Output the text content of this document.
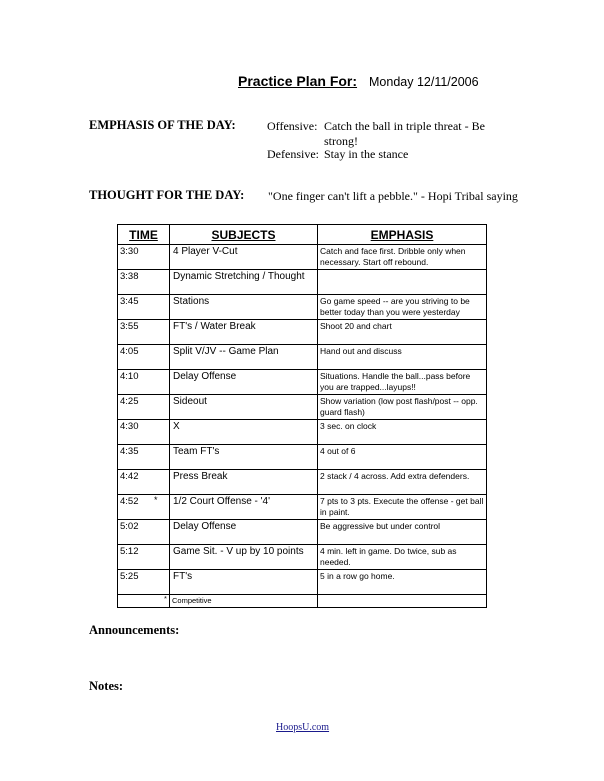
Practice Plan For: Monday 12/11/2006
EMPHASIS OF THE DAY:	Offensive: Catch the ball in triple threat - Be strong!
Defensive: Stay in the stance
THOUGHT FOR THE DAY: "One finger can't lift a pebble." - Hopi Tribal saying
TIME	SUBJECTS	EMPHASIS
3:30	4 Player V-Cut	Catch and face first. Dribble only when necessary. Start off rebound.
3:38	Dynamic Stretching / Thought	
3:45	Stations	Go game speed -- are you striving to be better today than you were yesterday
3:55	FT's / Water Break	Shoot 20 and chart
4:05	Split V/JV -- Game Plan	Hand out and discuss
4:10	Delay Offense	Situations. Handle the ball...pass before you are trapped...layups!!
4:25	Sideout	Show variation (low post flash/post -- opp. guard flash)
4:30	X	3 sec. on clock
4:35	Team FT's	4 out of 6
4:42	Press Break	2 stack / 4 across. Add extra defenders.
4:52 *	1/2 Court Offense - '4'	7 pts to 3 pts. Execute the offense - get ball in paint.
5:02	Delay Offense	Be aggressive but under control
5:12	Game Sit. - V up by 10 points	4 min. left in game. Do twice, sub as needed.
5:25	FT's	5 in a row go home.

	* Competitive	
Announcements:
Notes:
HoopsU.com
